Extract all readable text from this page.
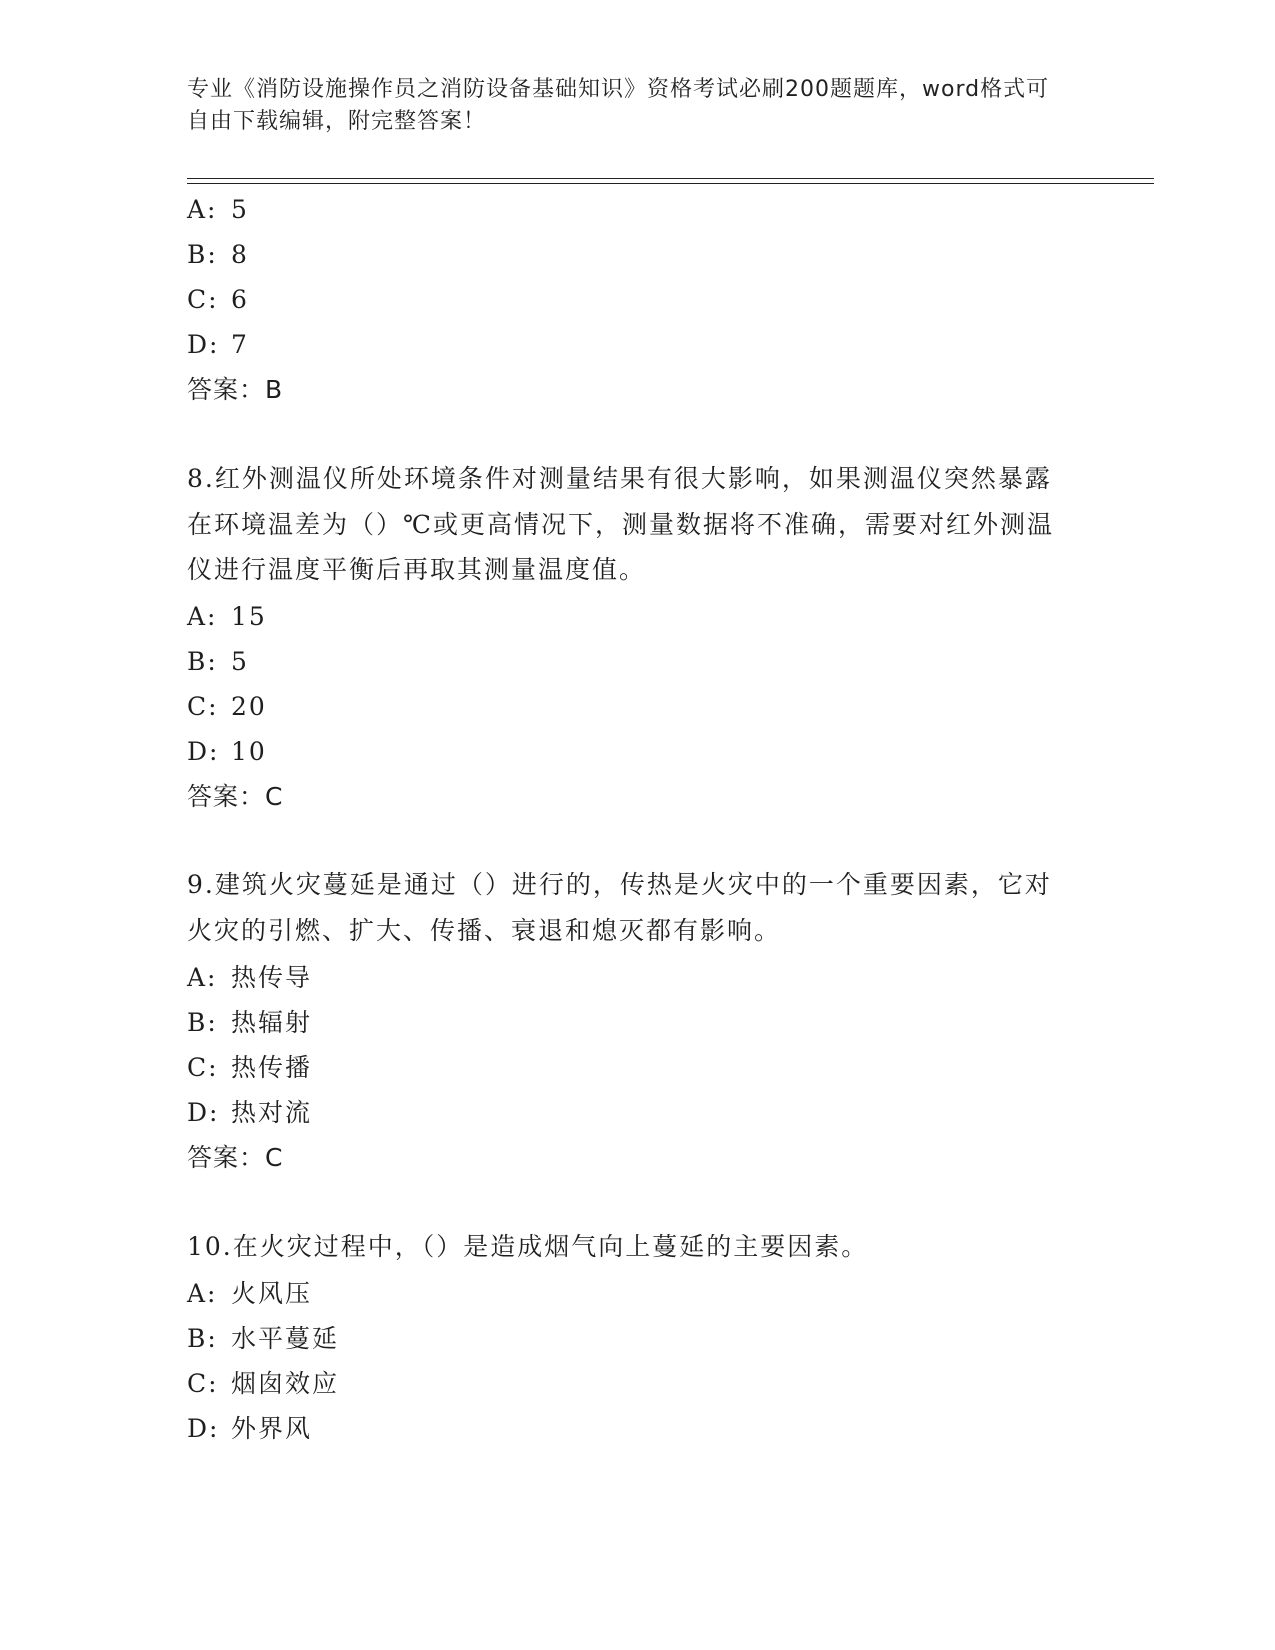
专业《消防设施操作员之消防设备基础知识》资格考试必刷200题题库，word格式可自由下载编辑，附完整答案！
A: 5
B: 8
C: 6
D: 7
答案：B
8.红外测温仪所处环境条件对测量结果有很大影响，如果测温仪突然暴露在环境温差为（）℃或更高情况下，测量数据将不准确，需要对红外测温仪进行温度平衡后再取其测量温度值。
A: 15
B: 5
C: 20
D: 10
答案：C
9.建筑火灾蔓延是通过（）进行的，传热是火灾中的一个重要因素，它对火灾的引燃、扩大、传播、衰退和熄灭都有影响。
A: 热传导
B: 热辐射
C: 热传播
D: 热对流
答案：C
10.在火灾过程中，（）是造成烟气向上蔓延的主要因素。
A: 火风压
B: 水平蔓延
C: 烟囱效应
D: 外界风
